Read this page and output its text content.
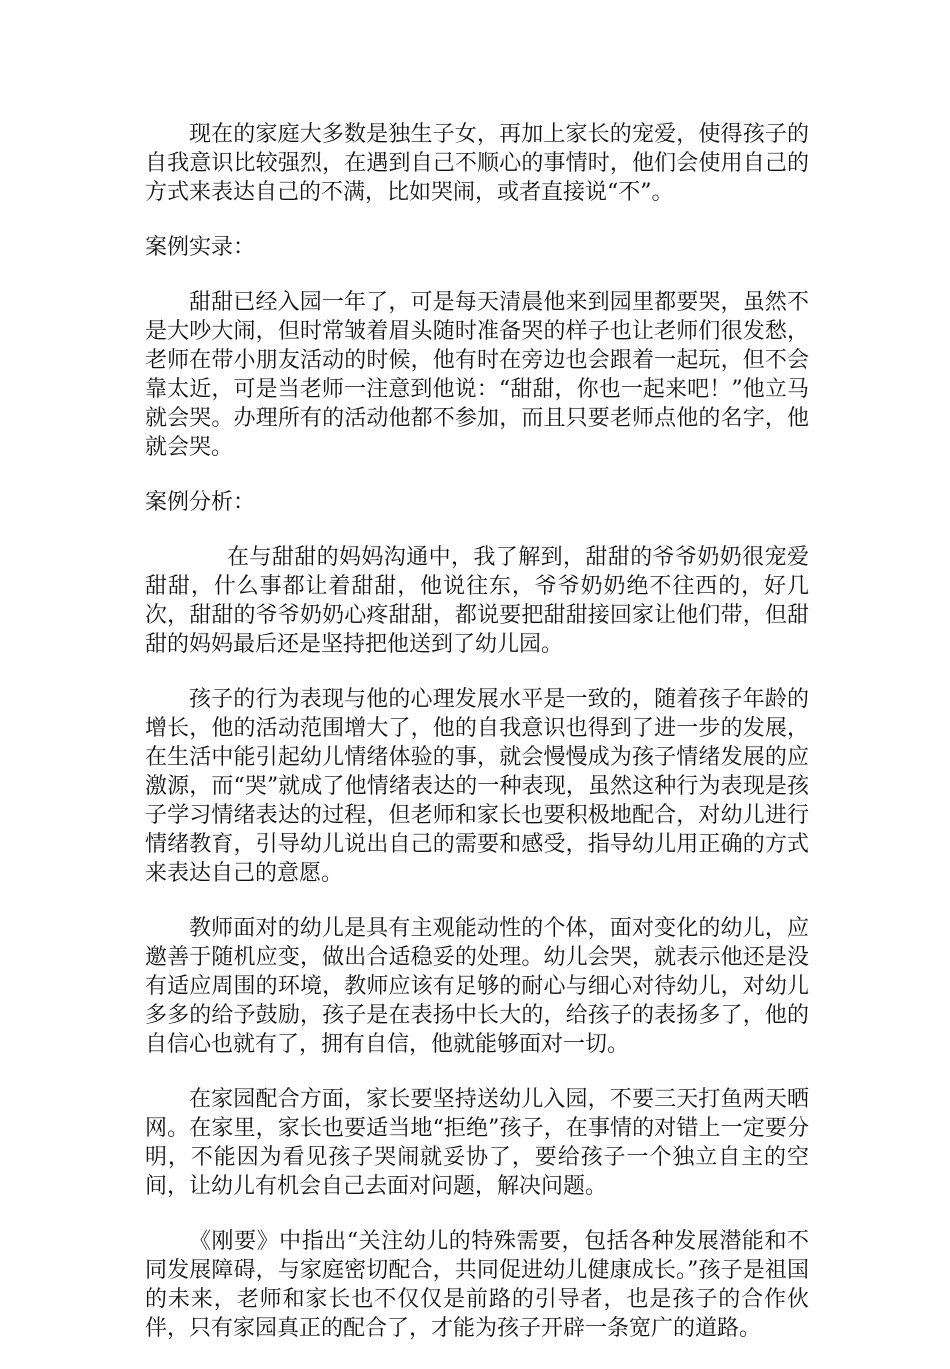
现在的家庭大多数是独生子女，再加上家长的宠爱，使得孩子的自我意识比较强烈，在遇到自己不顺心的事情时，他们会使用自己的方式来表达自己的不满，比如哭闹，或者直接说“不”。

案例实录：

甜甜已经入园一年了，可是每天清晨他来到园里都要哭，虽然不是大吵大闹，但时常皱着眉头随时准备哭的样子也让老师们很发愁，老师在带小朋友活动的时候，他有时在旁边也会跟着一起玩，但不会靠太近，可是当老师一注意到他说：“甜甜，你也一起来吧！”他立马就会哭。办理所有的活动他都不参加，而且只要老师点他的名字，他就会哭。

案例分析：

在与甜甜的妈妈沟通中，我了解到，甜甜的爷爷奶奶很宠爱甜甜，什么事都让着甜甜，他说往东，爷爷奶奶绝不往西的，好几次，甜甜的爷爷奶奶心疼甜甜，都说要把甜甜接回家让他们带，但甜甜的妈妈最后还是坚持把他送到了幼儿园。

孩子的行为表现与他的心理发展水平是一致的，随着孩子年龄的增长，他的活动范围增大了，他的自我意识也得到了进一步的发展，在生活中能引起幼儿情绪体验的事，就会慢慢成为孩子情绪发展的应激源，而“哭”就成了他情绪表达的一种表现，虽然这种行为表现是孩子学习情绪表达的过程，但老师和家长也要积极地配合，对幼儿进行情绪教育，引导幼儿说出自己的需要和感受，指导幼儿用正确的方式来表达自己的意愿。

教师面对的幼儿是具有主观能动性的个体，面对变化的幼儿，应邀善于随机应变，做出合适稳妥的处理。幼儿会哭，就表示他还是没有适应周围的环境，教师应该有足够的耐心与细心对待幼儿，对幼儿多多的给予鼓励，孩子是在表扬中长大的，给孩子的表扬多了，他的自信心也就有了，拥有自信，他就能够面对一切。

在家园配合方面，家长要坚持送幼儿入园，不要三天打鱼两天晒网。在家里，家长也要适当地“拒绝”孩子，在事情的对错上一定要分明，不能因为看见孩子哭闹就妥协了，要给孩子一个独立自主的空间，让幼儿有机会自己去面对问题，解决问题。

《刚要》中指出“关注幼儿的特殊需要，包括各种发展潜能和不同发展障碍，与家庭密切配合，共同促进幼儿健康成长。”孩子是祖国的未来，老师和家长也不仅仅是前路的引导者，也是孩子的合作伙伴，只有家园真正的配合了，才能为孩子开辟一条宽广的道路。
